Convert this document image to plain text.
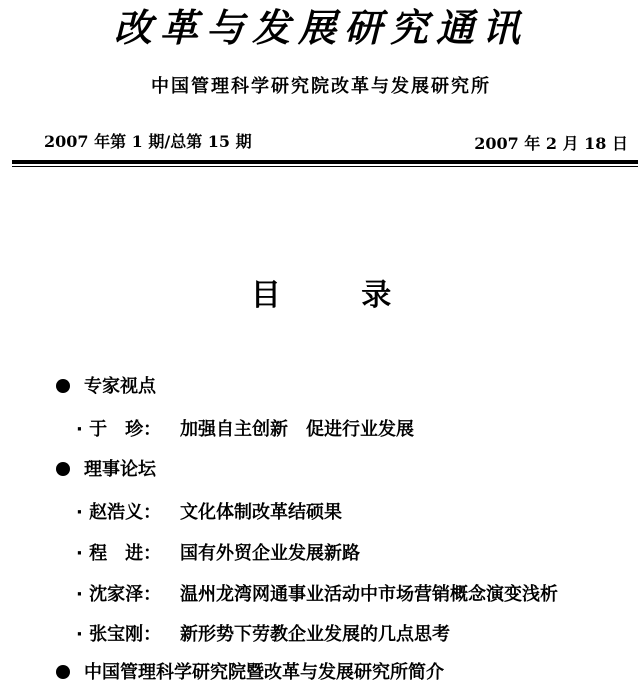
改革与发展研究通讯
中国管理科学研究院改革与发展研究所
2007 年第 1 期/总第 15 期	2007 年 2 月 18 日
目 录
专家视点
· 于　珍： 加强自主创新　促进行业发展
理事论坛
· 赵浩义： 文化体制改革结硕果
· 程　进： 国有外贸企业发展新路
· 沈家泽： 温州龙湾网通事业活动中市场营销概念演变浅析
· 张宝刚： 新形势下劳教企业发展的几点思考
中国管理科学研究院暨改革与发展研究所简介
